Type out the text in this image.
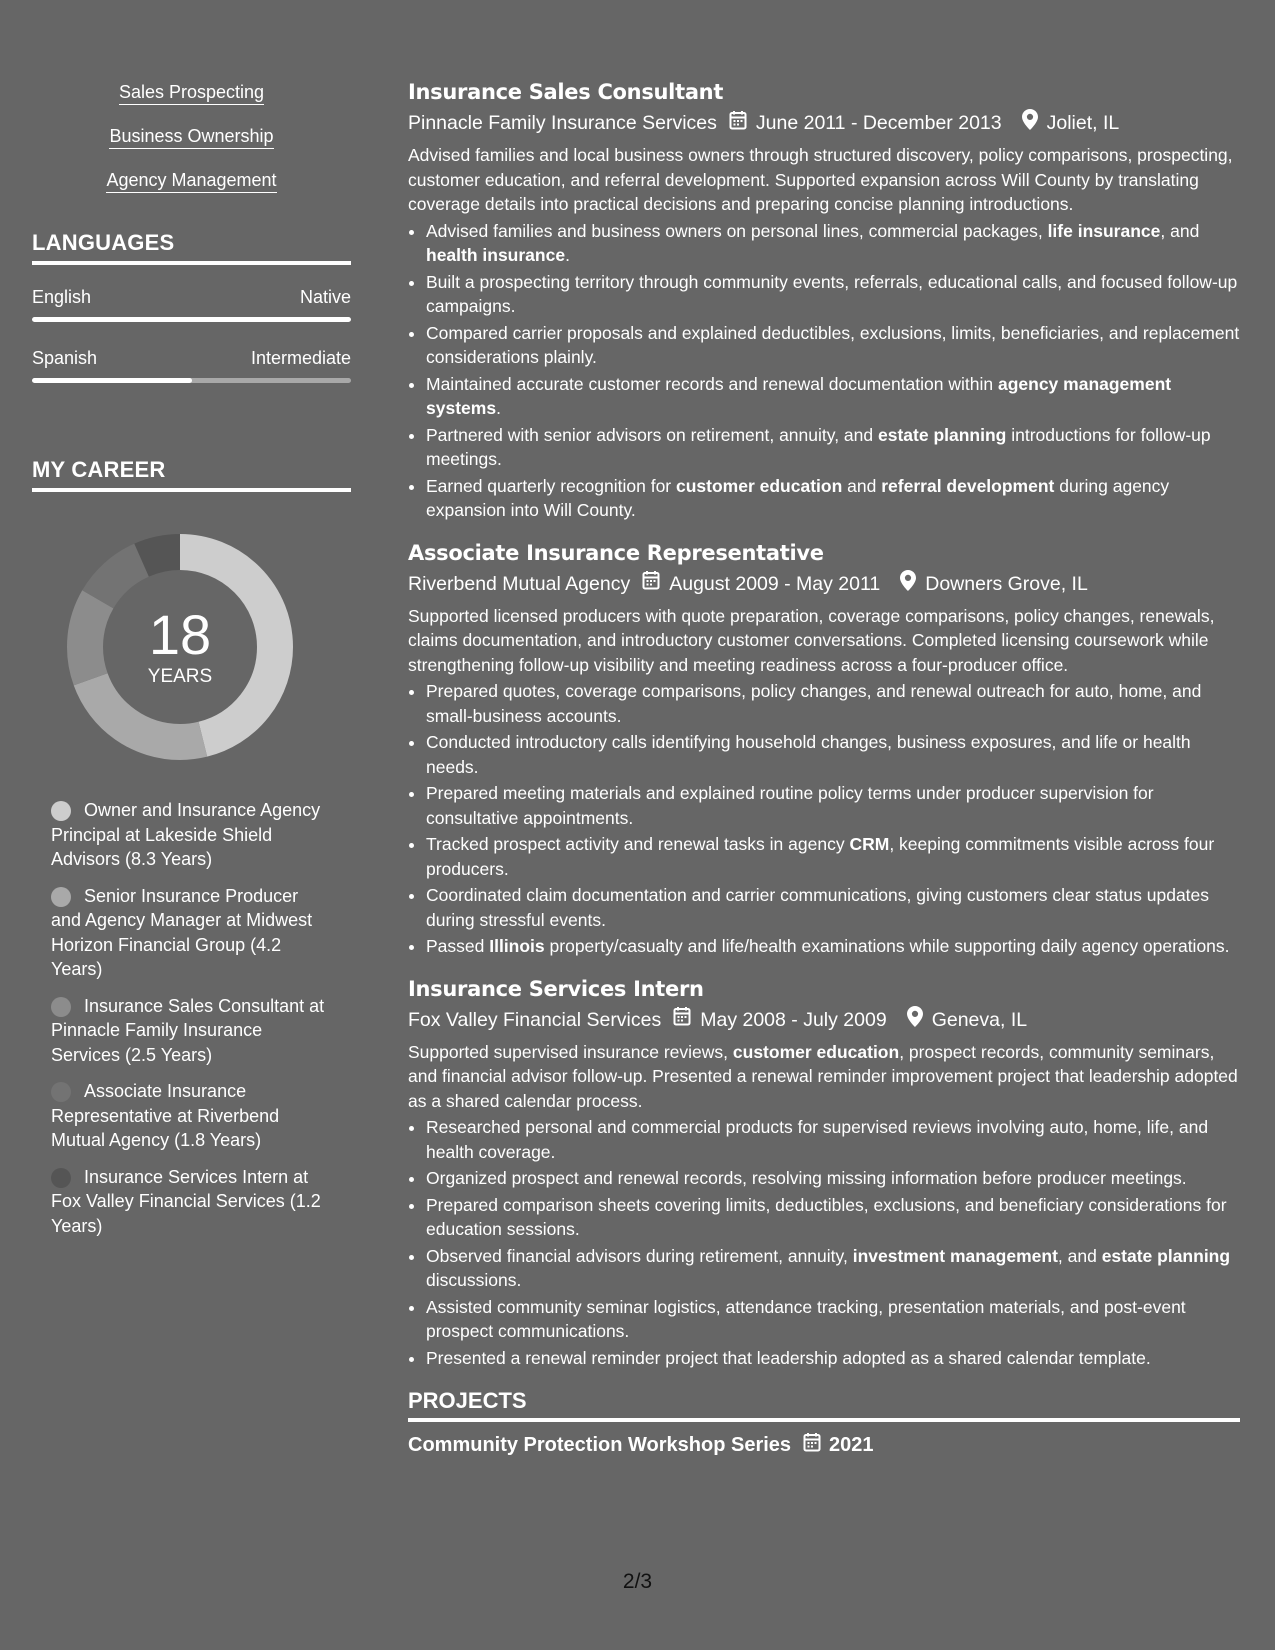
Sales Prospecting
Business Ownership
Agency Management
LANGUAGES
English	Native
Spanish	Intermediate
MY CAREER
18
YEARS
Owner and Insurance Agency Principal at Lakeside Shield Advisors (8.3 Years)
Senior Insurance Producer and Agency Manager at Midwest Horizon Financial Group (4.2 Years)
Insurance Sales Consultant at Pinnacle Family Insurance Services (2.5 Years)
Associate Insurance Representative at Riverbend Mutual Agency (1.8 Years)
Insurance Services Intern at Fox Valley Financial Services (1.2 Years)
Insurance Sales Consultant
Pinnacle Family Insurance Services June 2011 - December 2013 Joliet, IL

Advised families and local business owners through structured discovery, policy comparisons, prospecting, customer education, and referral development. Supported expansion across Will County by translating coverage details into practical decisions and preparing concise planning introductions.

• Advised families and business owners on personal lines, commercial packages, life insurance, and health insurance.
• Built a prospecting territory through community events, referrals, educational calls, and focused follow-up campaigns.
• Compared carrier proposals and explained deductibles, exclusions, limits, beneficiaries, and replacement considerations plainly.
• Maintained accurate customer records and renewal documentation within agency management systems.
• Partnered with senior advisors on retirement, annuity, and estate planning introductions for follow-up meetings.
• Earned quarterly recognition for customer education and referral development during agency expansion into Will County.
Associate Insurance Representative
Riverbend Mutual Agency August 2009 - May 2011 Downers Grove, IL

Supported licensed producers with quote preparation, coverage comparisons, policy changes, renewals, claims documentation, and introductory customer conversations. Completed licensing coursework while strengthening follow-up visibility and meeting readiness across a four-producer office.

• Prepared quotes, coverage comparisons, policy changes, and renewal outreach for auto, home, and small-business accounts.
• Conducted introductory calls identifying household changes, business exposures, and life or health needs.
• Prepared meeting materials and explained routine policy terms under producer supervision for consultative appointments.
• Tracked prospect activity and renewal tasks in agency CRM, keeping commitments visible across four producers.
• Coordinated claim documentation and carrier communications, giving customers clear status updates during stressful events.
• Passed Illinois property/casualty and life/health examinations while supporting daily agency operations.
Insurance Services Intern
Fox Valley Financial Services May 2008 - July 2009 Geneva, IL

Supported supervised insurance reviews, customer education, prospect records, community seminars, and financial advisor follow-up. Presented a renewal reminder improvement project that leadership adopted as a shared calendar process.

• Researched personal and commercial products for supervised reviews involving auto, home, life, and health coverage.
• Organized prospect and renewal records, resolving missing information before producer meetings.
• Prepared comparison sheets covering limits, deductibles, exclusions, and beneficiary considerations for education sessions.
• Observed financial advisors during retirement, annuity, investment management, and estate planning discussions.
• Assisted community seminar logistics, attendance tracking, presentation materials, and post-event prospect communications.
• Presented a renewal reminder project that leadership adopted as a shared calendar template.
PROJECTS
Community Protection Workshop Series 2021
2/3
